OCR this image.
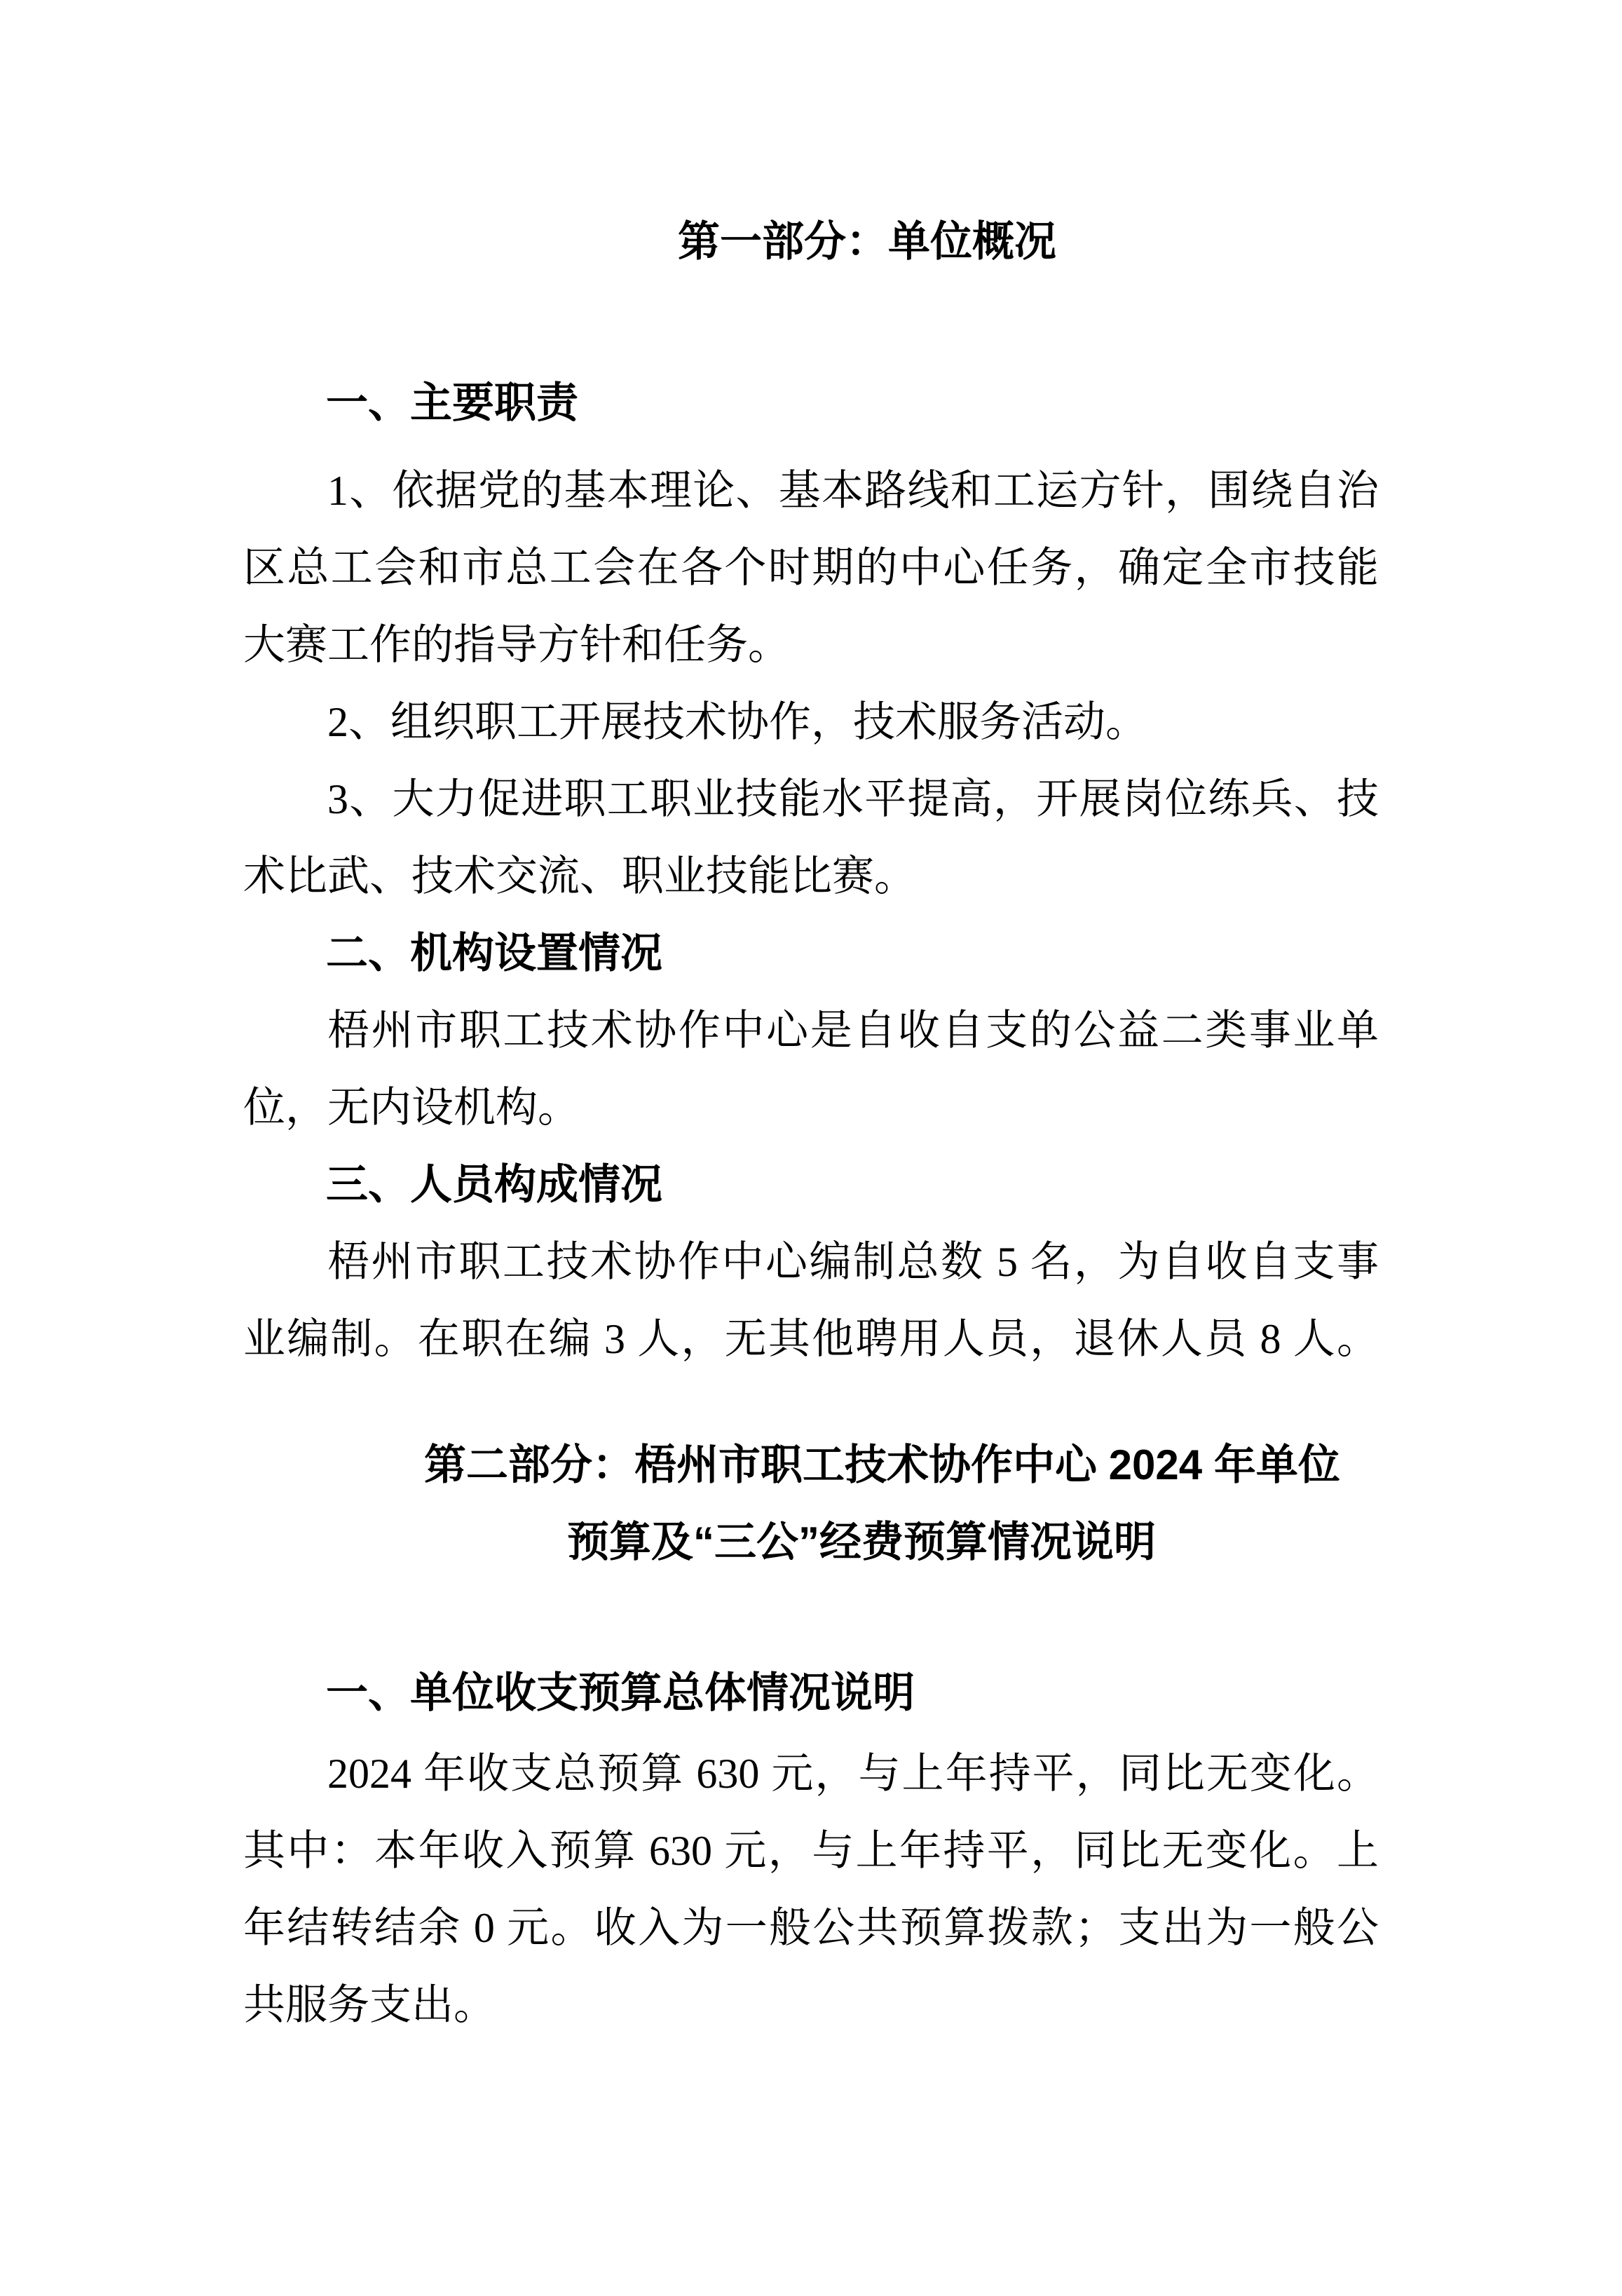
第一部分：单位概况
一、主要职责
1、依据党的基本理论、基本路线和工运方针，围绕自治
区总工会和市总工会在各个时期的中心任务，确定全市技能
大赛工作的指导方针和任务。
2、组织职工开展技术协作，技术服务活动。
3、大力促进职工职业技能水平提高，开展岗位练兵、技
术比武、技术交流、职业技能比赛。
二、机构设置情况
梧州市职工技术协作中心是自收自支的公益二类事业单
位，无内设机构。
三、人员构成情况
梧州市职工技术协作中心编制总数 5 名，为自收自支事
业编制。在职在编 3 人，无其他聘用人员，退休人员 8 人。
第二部分：梧州市职工技术协作中心 2024 年单位
预算及“三公”经费预算情况说明
一、单位收支预算总体情况说明
2024 年收支总预算 630 元，与上年持平，同比无变化。
其中：本年收入预算 630 元，与上年持平，同比无变化。上
年结转结余 0 元。收入为一般公共预算拨款；支出为一般公
共服务支出。
